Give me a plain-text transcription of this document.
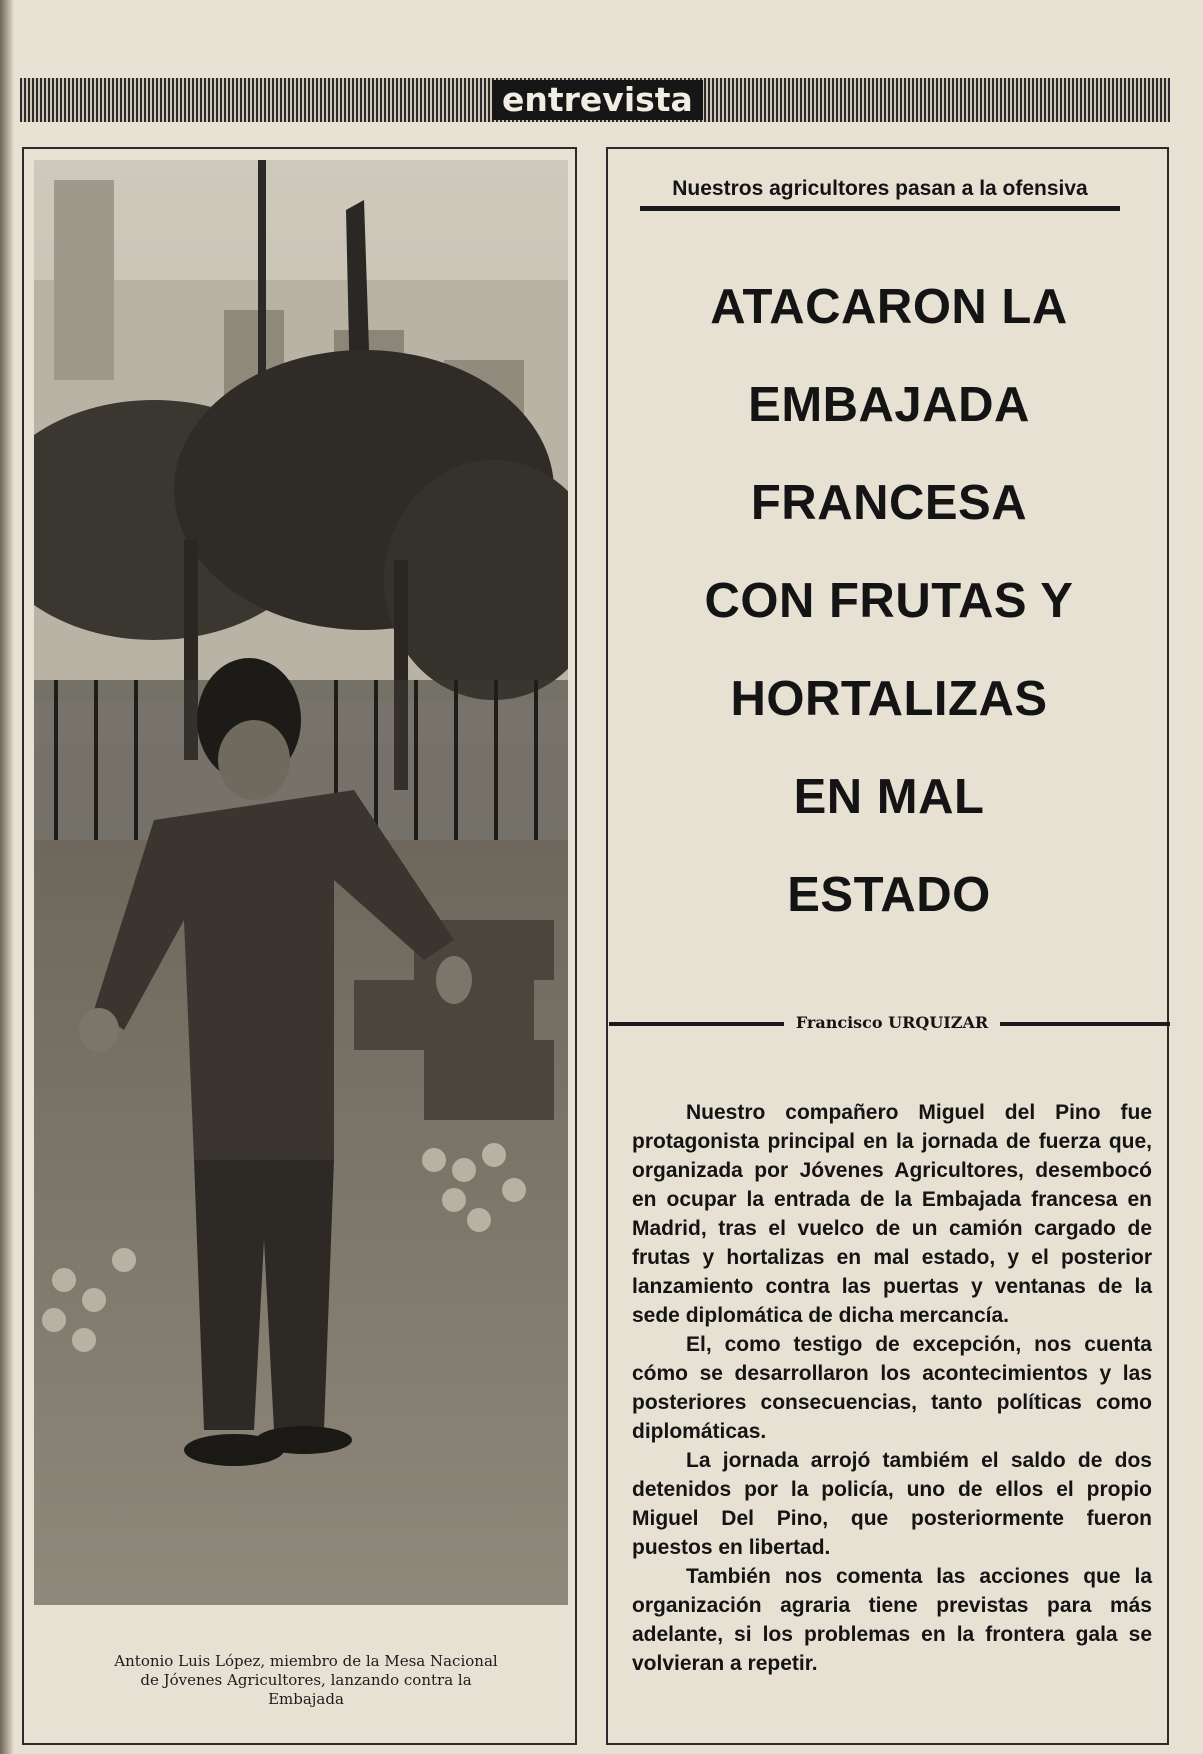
entrevista
Antonio Luis López, miembro de la Mesa Nacional de Jóvenes Agricultores, lanzando contra la Embajada
Nuestros agricultores pasan a la ofensiva
ATACARON LA
EMBAJADA
FRANCESA
CON FRUTAS Y
HORTALIZAS
EN MAL
ESTADO
Francisco URQUIZAR

Nuestro compañero Miguel del Pino fue protagonista principal en la jornada de fuerza que, organizada por Jóvenes Agricultores, desembocó en ocupar la entrada de la Embajada francesa en Madrid, tras el vuelco de un camión cargado de frutas y hortalizas en mal estado, y el posterior lanzamiento contra las puertas y ventanas de la sede diplomática de dicha mercancía.

El, como testigo de excepción, nos cuenta cómo se desarrollaron los acontecimientos y las posteriores consecuencias, tanto políticas como diplomáticas.

La jornada arrojó tambiém el saldo de dos detenidos por la policía, uno de ellos el propio Miguel Del Pino, que posteriormente fueron puestos en libertad.

También nos comenta las acciones que la organización agraria tiene previstas para más adelante, si los problemas en la frontera gala se volvieran a repetir.
